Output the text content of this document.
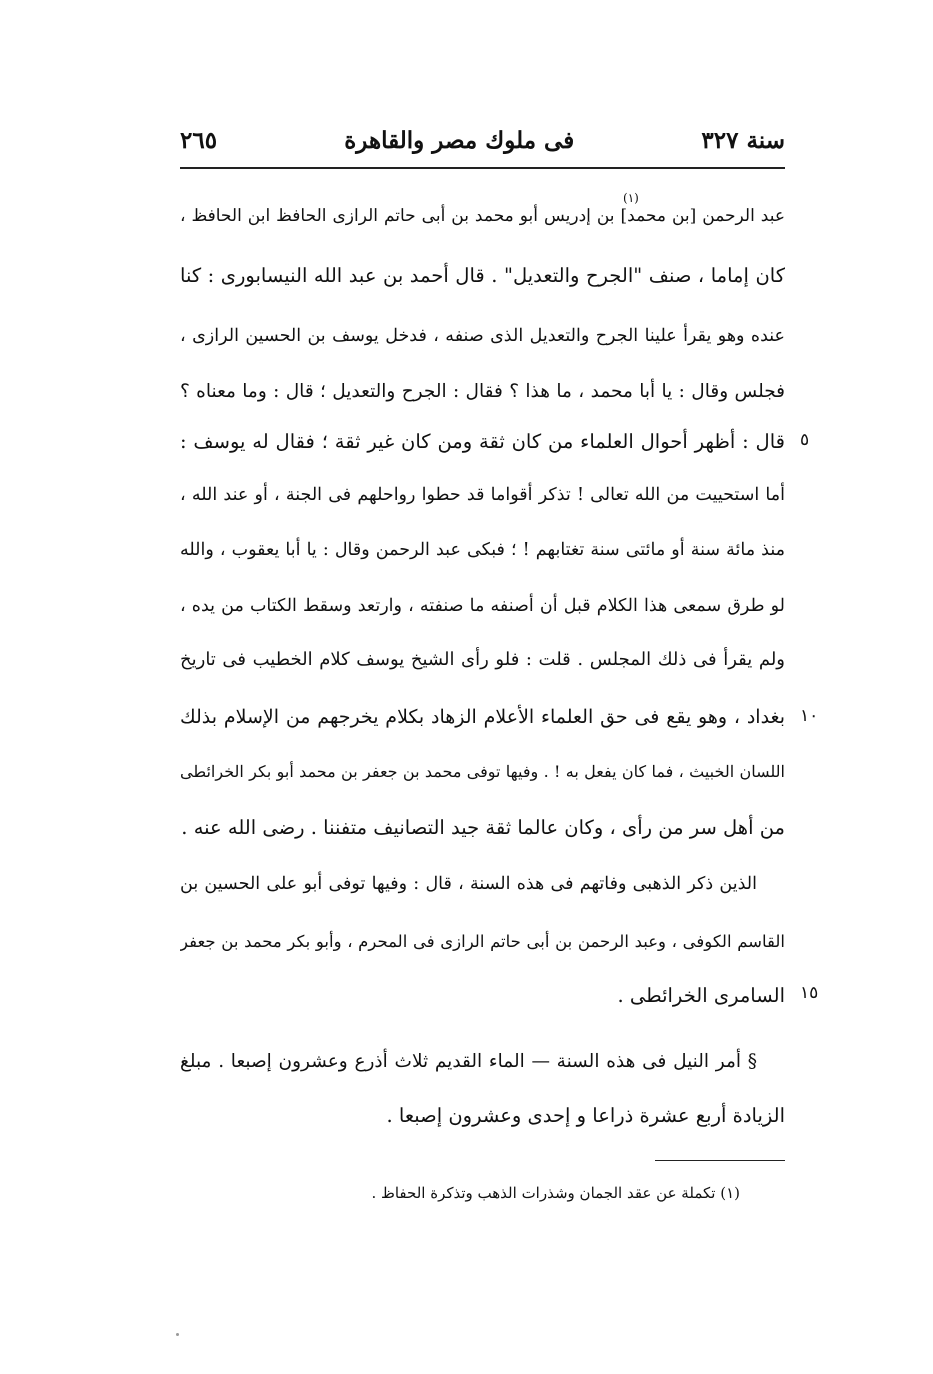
سنة ٣٢٧
فى ملوك مصر والقاهرة
٢٦٥
(١)
عبد الرحمن [بن محمد] بن إدريس أبو محمد بن أبى حاتم الرازى الحافظ ابن الحافظ ،
كان إماما ، صنف "الجرح والتعديل" . قال أحمد بن عبد الله النيسابورى : كنا
عنده وهو يقرأ علينا الجرح والتعديل الذى صنفه ، فدخل يوسف بن الحسين الرازى ،
فجلس وقال : يا أبا محمد ، ما هذا ؟ فقال : الجرح والتعديل ؛ قال : وما معناه ؟
قال : أظهر أحوال العلماء من كان ثقة ومن كان غير ثقة ؛ فقال له يوسف :
أما استحييت من الله تعالى ! تذكر أقواما قد حطوا رواحلهم فى الجنة ، أو عند الله ،
منذ مائة سنة أو مائتى سنة تغتابهم ! ؛ فبكى عبد الرحمن وقال : يا أبا يعقوب ، والله
لو طرق سمعى هذا الكلام قبل أن أصنفه ما صنفته ، وارتعد وسقط الكتاب من يده ،
ولم يقرأ فى ذلك المجلس . قلت : فلو رأى الشيخ يوسف كلام الخطيب فى تاريخ
بغداد ، وهو يقع فى حق العلماء الأعلام الزهاد بكلام يخرجهم من الإسلام بذلك
اللسان الخبيث ، فما كان يفعل به ! . وفيها توفى محمد بن جعفر بن محمد أبو بكر الخرائطى
من أهل سر من رأى ، وكان عالما ثقة جيد التصانيف متفننا . رضى الله عنه .
الذين ذكر الذهبى وفاتهم فى هذه السنة ، قال : وفيها توفى أبو على الحسين بن
القاسم الكوفى ، وعبد الرحمن بن أبى حاتم الرازى فى المحرم ، وأبو بكر محمد بن جعفر
السامرى الخرائطى .
§ أمر النيل فى هذه السنة — الماء القديم ثلاث أذرع وعشرون إصبعا . مبلغ
الزيادة أربع عشرة ذراعا و إحدى وعشرون إصبعا .
٥
١٠
١٥
(١) تكملة عن عقد الجمان وشذرات الذهب وتذكرة الحفاظ .
